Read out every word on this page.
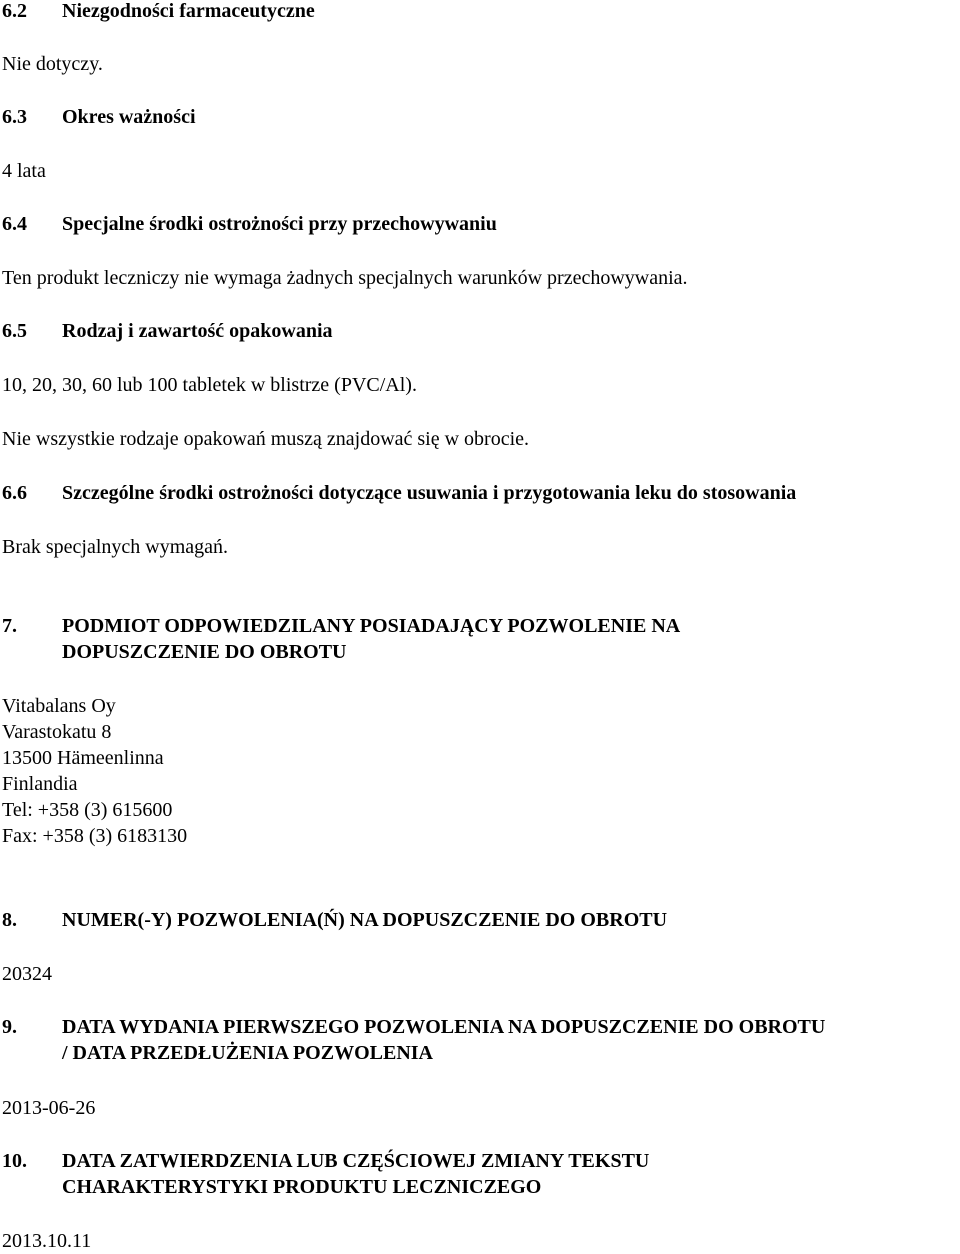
6.2 Niezgodności farmaceutyczne
Nie dotyczy.
6.3 Okres ważności
4 lata
6.4 Specjalne środki ostrożności przy przechowywaniu
Ten produkt leczniczy nie wymaga żadnych specjalnych warunków przechowywania.
6.5 Rodzaj i zawartość opakowania
10, 20, 30, 60 lub 100 tabletek w blistrze (PVC/Al).
Nie wszystkie rodzaje opakowań muszą znajdować się w obrocie.
6.6 Szczególne środki ostrożności dotyczące usuwania i przygotowania leku do stosowania
Brak specjalnych wymagań.
7. PODMIOT ODPOWIEDZILANY POSIADAJĄCY POZWOLENIE NA
DOPUSZCZENIE DO OBROTU
Vitabalans Oy
Varastokatu 8
13500 Hämeenlinna
Finlandia
Tel: +358 (3) 615600
Fax: +358 (3) 6183130
8. NUMER(-Y) POZWOLENIA(Ń) NA DOPUSZCZENIE DO OBROTU
20324
9. DATA WYDANIA PIERWSZEGO POZWOLENIA NA DOPUSZCZENIE DO OBROTU
/ DATA PRZEDŁUŻENIA POZWOLENIA
2013-06-26
10. DATA ZATWIERDZENIA LUB CZĘŚCIOWEJ ZMIANY TEKSTU
CHARAKTERYSTYKI PRODUKTU LECZNICZEGO
2013.10.11
